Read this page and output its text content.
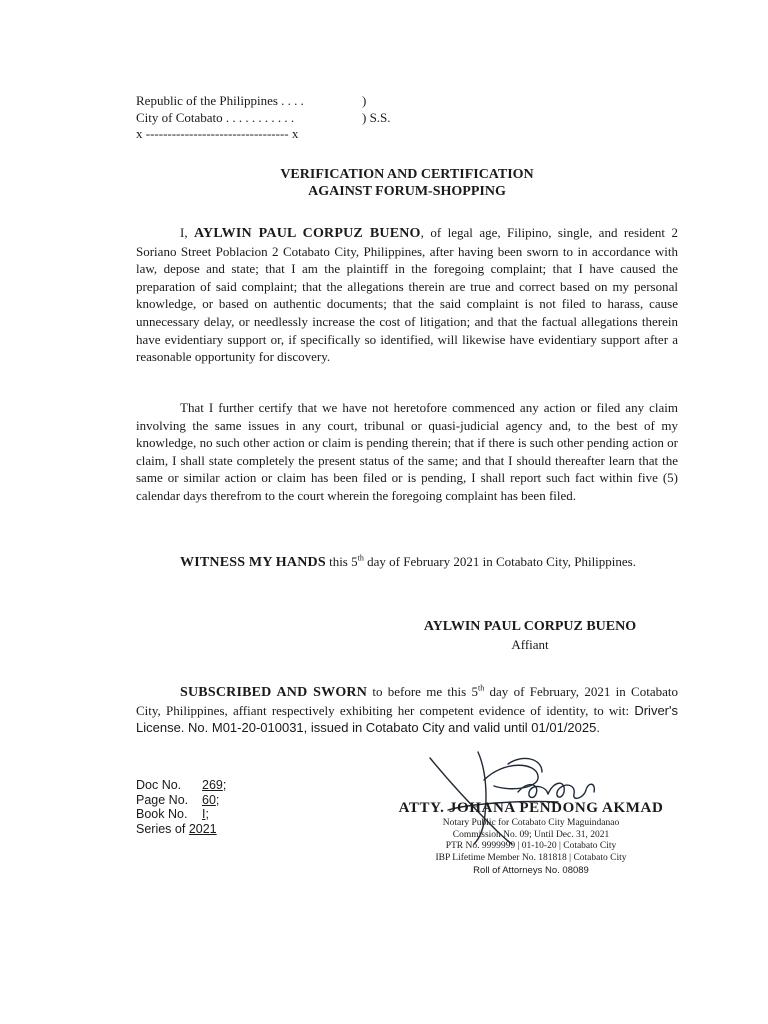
Republic of the Philippines . . . .	)
City of Cotabato . . . . . . . . . . .	) S.S.
x --------------------------------- x
VERIFICATION AND CERTIFICATION
AGAINST FORUM-SHOPPING

I, AYLWIN PAUL CORPUZ BUENO, of legal age, Filipino, single, and resident 2 Soriano Street Poblacion 2 Cotabato City, Philippines, after having been sworn to in accordance with law, depose and state; that I am the plaintiff in the foregoing complaint; that I have caused the preparation of said complaint; that the allegations therein are true and correct based on my personal knowledge, or based on authentic documents; that the said complaint is not filed to harass, cause unnecessary delay, or needlessly increase the cost of litigation; and that the factual allegations therein have evidentiary support or, if specifically so identified, will likewise have evidentiary support after a reasonable opportunity for discovery.

That I further certify that we have not heretofore commenced any action or filed any claim involving the same issues in any court, tribunal or quasi-judicial agency and, to the best of my knowledge, no such other action or claim is pending therein; that if there is such other pending action or claim, I shall state completely the present status of the same; and that I should thereafter learn that the same or similar action or claim has been filed or is pending, I shall report such fact within five (5) calendar days therefrom to the court wherein the foregoing complaint has been filed.

WITNESS MY HANDS this 5th day of February 2021 in Cotabato City, Philippines.

AYLWIN PAUL CORPUZ BUENO
Affiant

SUBSCRIBED AND SWORN to before me this 5th day of February, 2021 in Cotabato City, Philippines, affiant respectively exhibiting her competent evidence of identity, to wit: Driver's License. No. M01-20-010031, issued in Cotabato City and valid until 01/01/2025.

Doc No. 269;
Page No. 60;
Book No. I;
Series of 2021
ATTY. JOHANA PENDONG AKMAD
Notary Public for Cotabato City Maguindanao
Commission No. 09; Until Dec. 31, 2021
PTR No. 9999999 | 01-10-20 | Cotabato City
IBP Lifetime Member No. 181818 | Cotabato City
Roll of Attorneys No. 08089
